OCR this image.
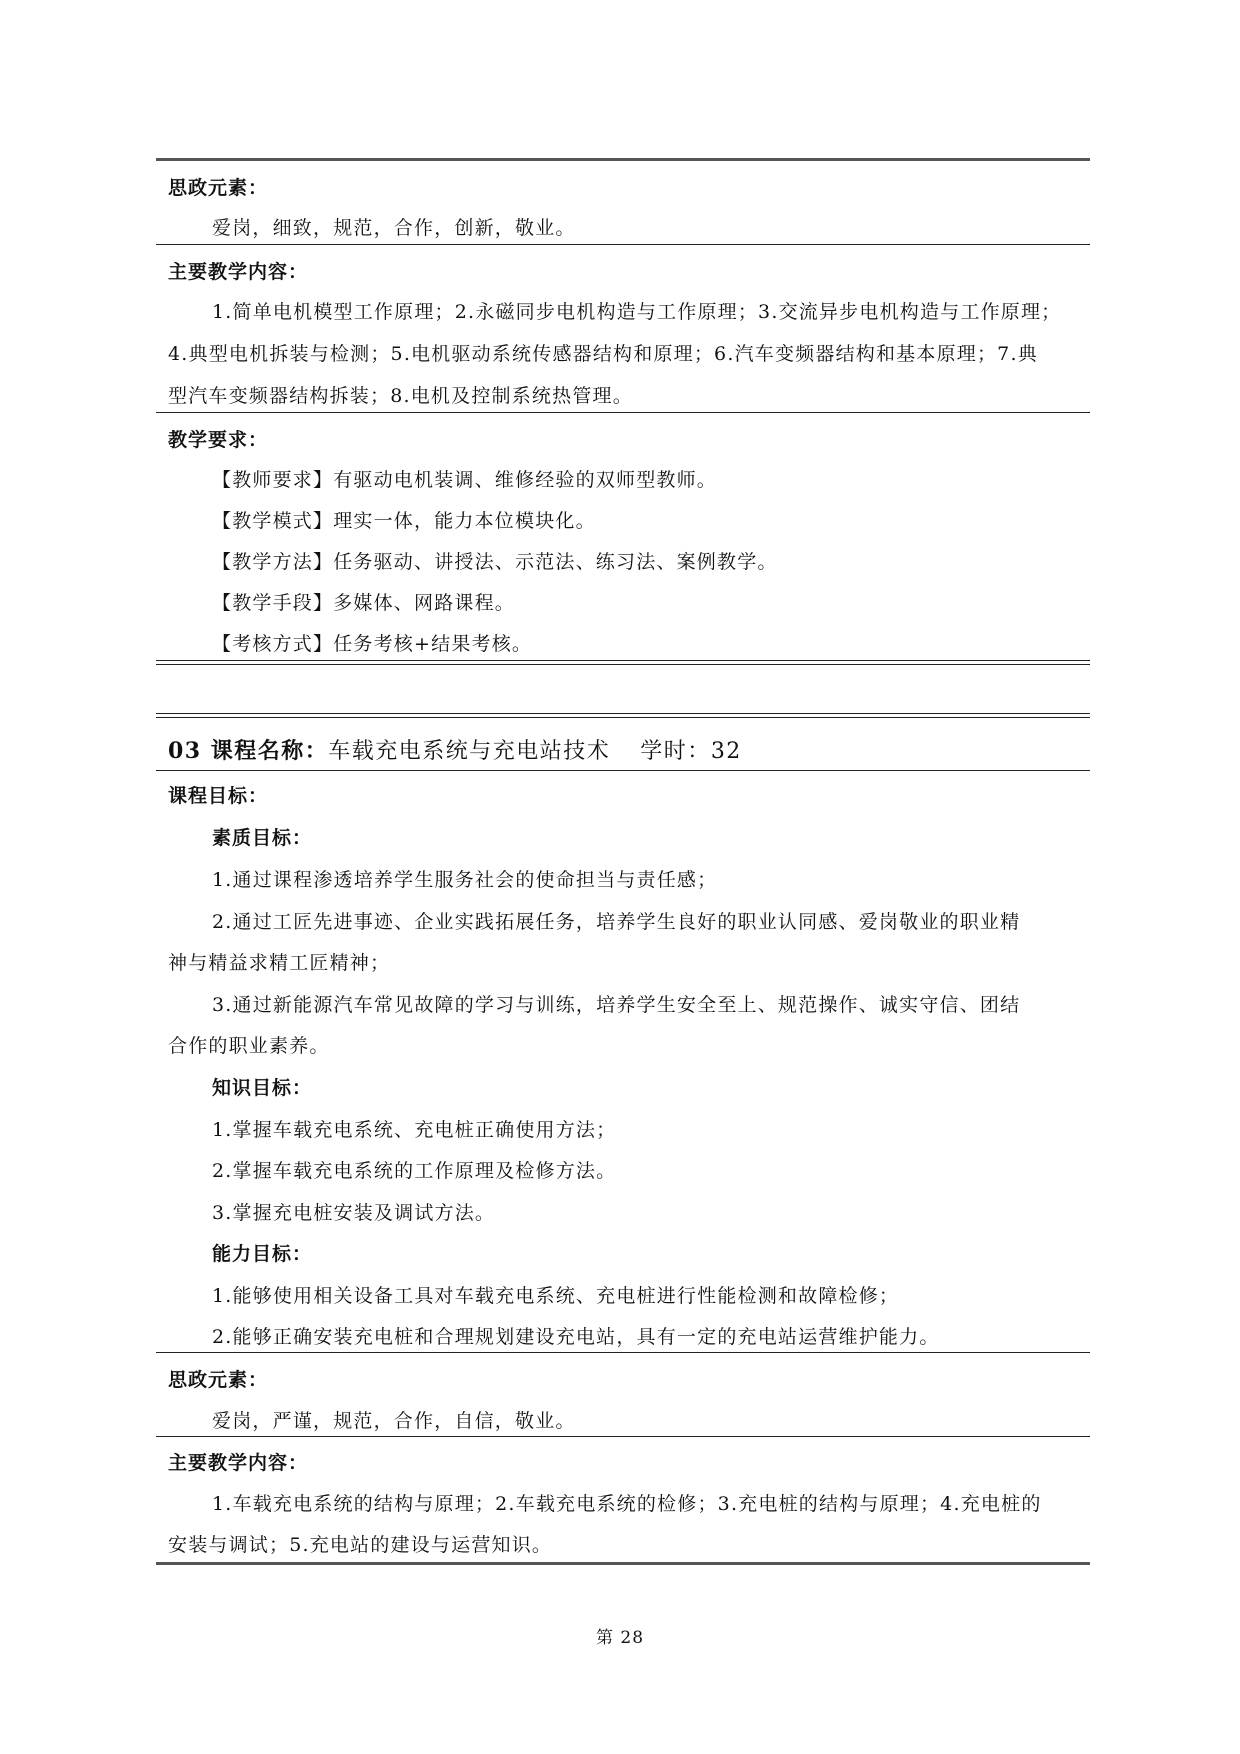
思政元素：
爱岗，细致，规范，合作，创新，敬业。
主要教学内容：
1.简单电机模型工作原理；2.永磁同步电机构造与工作原理；3.交流异步电机构造与工作原理；
4.典型电机拆装与检测；5.电机驱动系统传感器结构和原理；6.汽车变频器结构和基本原理；7.典
型汽车变频器结构拆装；8.电机及控制系统热管理。
教学要求：
【教师要求】有驱动电机装调、维修经验的双师型教师。
【教学模式】理实一体，能力本位模块化。
【教学方法】任务驱动、讲授法、示范法、练习法、案例教学。
【教学手段】多媒体、网路课程。
【考核方式】任务考核+结果考核。
03 课程名称：车载充电系统与充电站技术 学时：32
课程目标：
素质目标：
1.通过课程渗透培养学生服务社会的使命担当与责任感；
2.通过工匠先进事迹、企业实践拓展任务，培养学生良好的职业认同感、爱岗敬业的职业精
神与精益求精工匠精神；
3.通过新能源汽车常见故障的学习与训练，培养学生安全至上、规范操作、诚实守信、团结
合作的职业素养。
知识目标：
1.掌握车载充电系统、充电桩正确使用方法；
2.掌握车载充电系统的工作原理及检修方法。
3.掌握充电桩安装及调试方法。
能力目标：
1.能够使用相关设备工具对车载充电系统、充电桩进行性能检测和故障检修；
2.能够正确安装充电桩和合理规划建设充电站，具有一定的充电站运营维护能力。
思政元素：
爱岗，严谨，规范，合作，自信，敬业。
主要教学内容：
1.车载充电系统的结构与原理；2.车载充电系统的检修；3.充电桩的结构与原理；4.充电桩的
安装与调试；5.充电站的建设与运营知识。
第 28
